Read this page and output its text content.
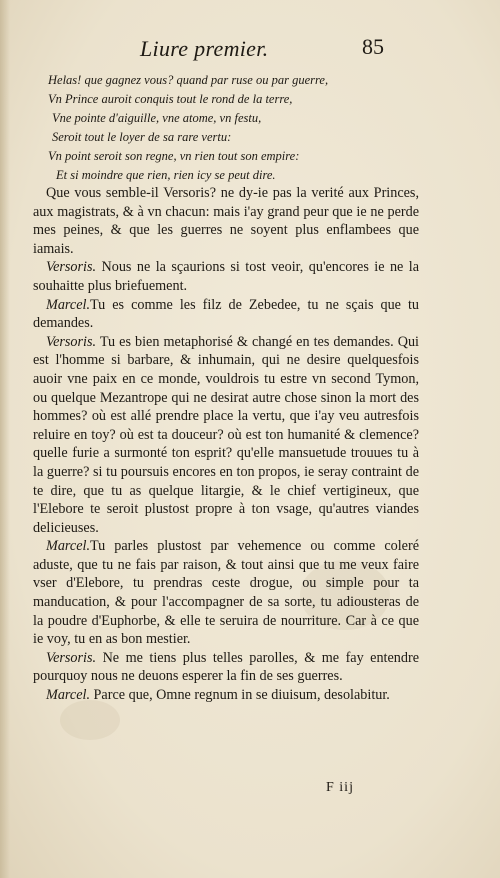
Liure premier.	85
Helas! que gagnez vous? quand par ruse ou par guerre,
Vn Prince auroit conquis tout le rond de la terre,
Vne pointe d'aiguille, vne atome, vn festu,
Seroit tout le loyer de sa rare vertu:
Vn point seroit son regne, vn rien tout son empire:
Et si moindre que rien, rien icy se peut dire.

Que vous semble-il Versoris? ne dy-ie pas la verité aux Princes, aux magistrats, & à vn chacun: mais i'ay grand peur que ie ne perde mes peines, & que les guerres ne soyent plus enflambees que iamais.

Versoris. Nous ne la sçaurions si tost veoir, qu'encores ie ne la souhaitte plus briefuement.

Marcel.Tu es comme les filz de Zebedee, tu ne sçais que tu demandes.

Versoris. Tu es bien metaphorisé & changé en tes demandes. Qui est l'homme si barbare, & inhumain, qui ne desire quelquesfois auoir vne paix en ce monde, vouldrois tu estre vn second Tymon, ou quelque Mezantrope qui ne desirat autre chose sinon la mort des hommes? où est allé prendre place la vertu, que i'ay veu autresfois reluire en toy? où est ta douceur? où est ton humanité & clemence? quelle furie a surmonté ton esprit? qu'elle mansuetude trouues tu à la guerre? si tu poursuis encores en ton propos, ie seray contraint de te dire, que tu as quelque litargie, & le chief vertigineux, que l'Elebore te seroit plustost propre à ton vsage, qu'autres viandes delicieuses.

Marcel.Tu parles plustost par vehemence ou comme coleré aduste, que tu ne fais par raison, & tout ainsi que tu me veux faire vser d'Elebore, tu prendras ceste drogue, ou simple pour ta manducation, & pour l'accompagner de sa sorte, tu adiousteras de la poudre d'Euphorbe, & elle te seruira de nourriture. Car à ce que ie voy, tu en as bon mestier.

Versoris. Ne me tiens plus telles parolles, & me fay entendre pourquoy nous ne deuons esperer la fin de ses guerres.

Marcel. Parce que, Omne regnum in se diuisum, desolabitur.

F iij
